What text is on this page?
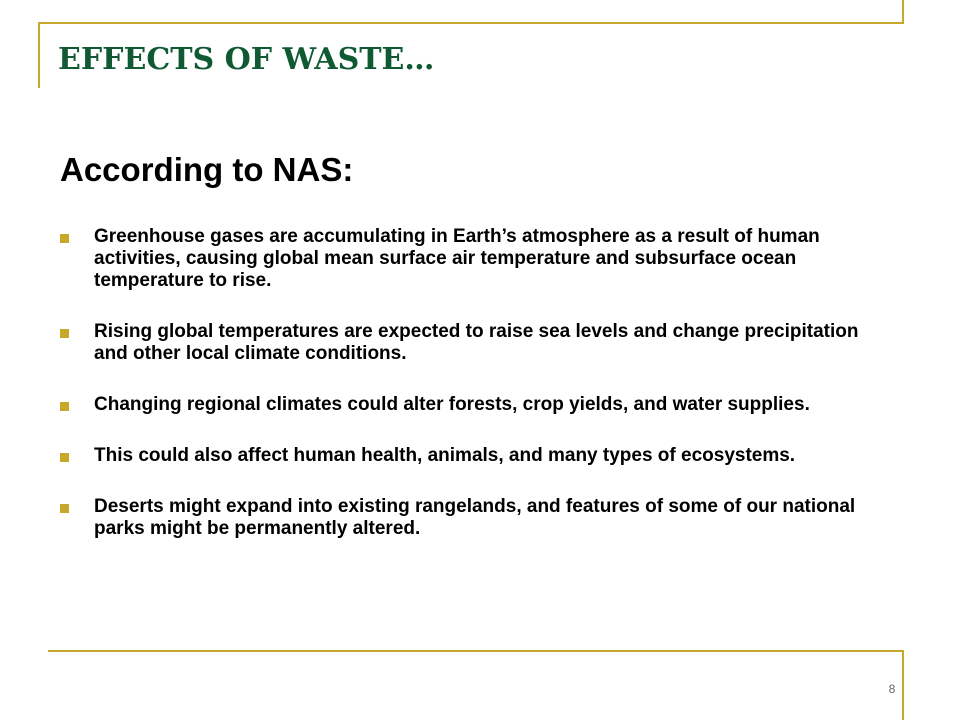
EFFECTS OF WASTE…
According to NAS:
Greenhouse gases are accumulating in Earth’s atmosphere as a result of human activities, causing global mean surface air temperature and subsurface ocean temperature to rise.
Rising global temperatures are expected to raise sea levels and change precipitation and other local climate conditions.
Changing regional climates could alter forests, crop yields, and water supplies.
This could also affect human health, animals, and many types of ecosystems.
Deserts might expand into existing rangelands, and features of some of our national parks might be permanently altered.
8
